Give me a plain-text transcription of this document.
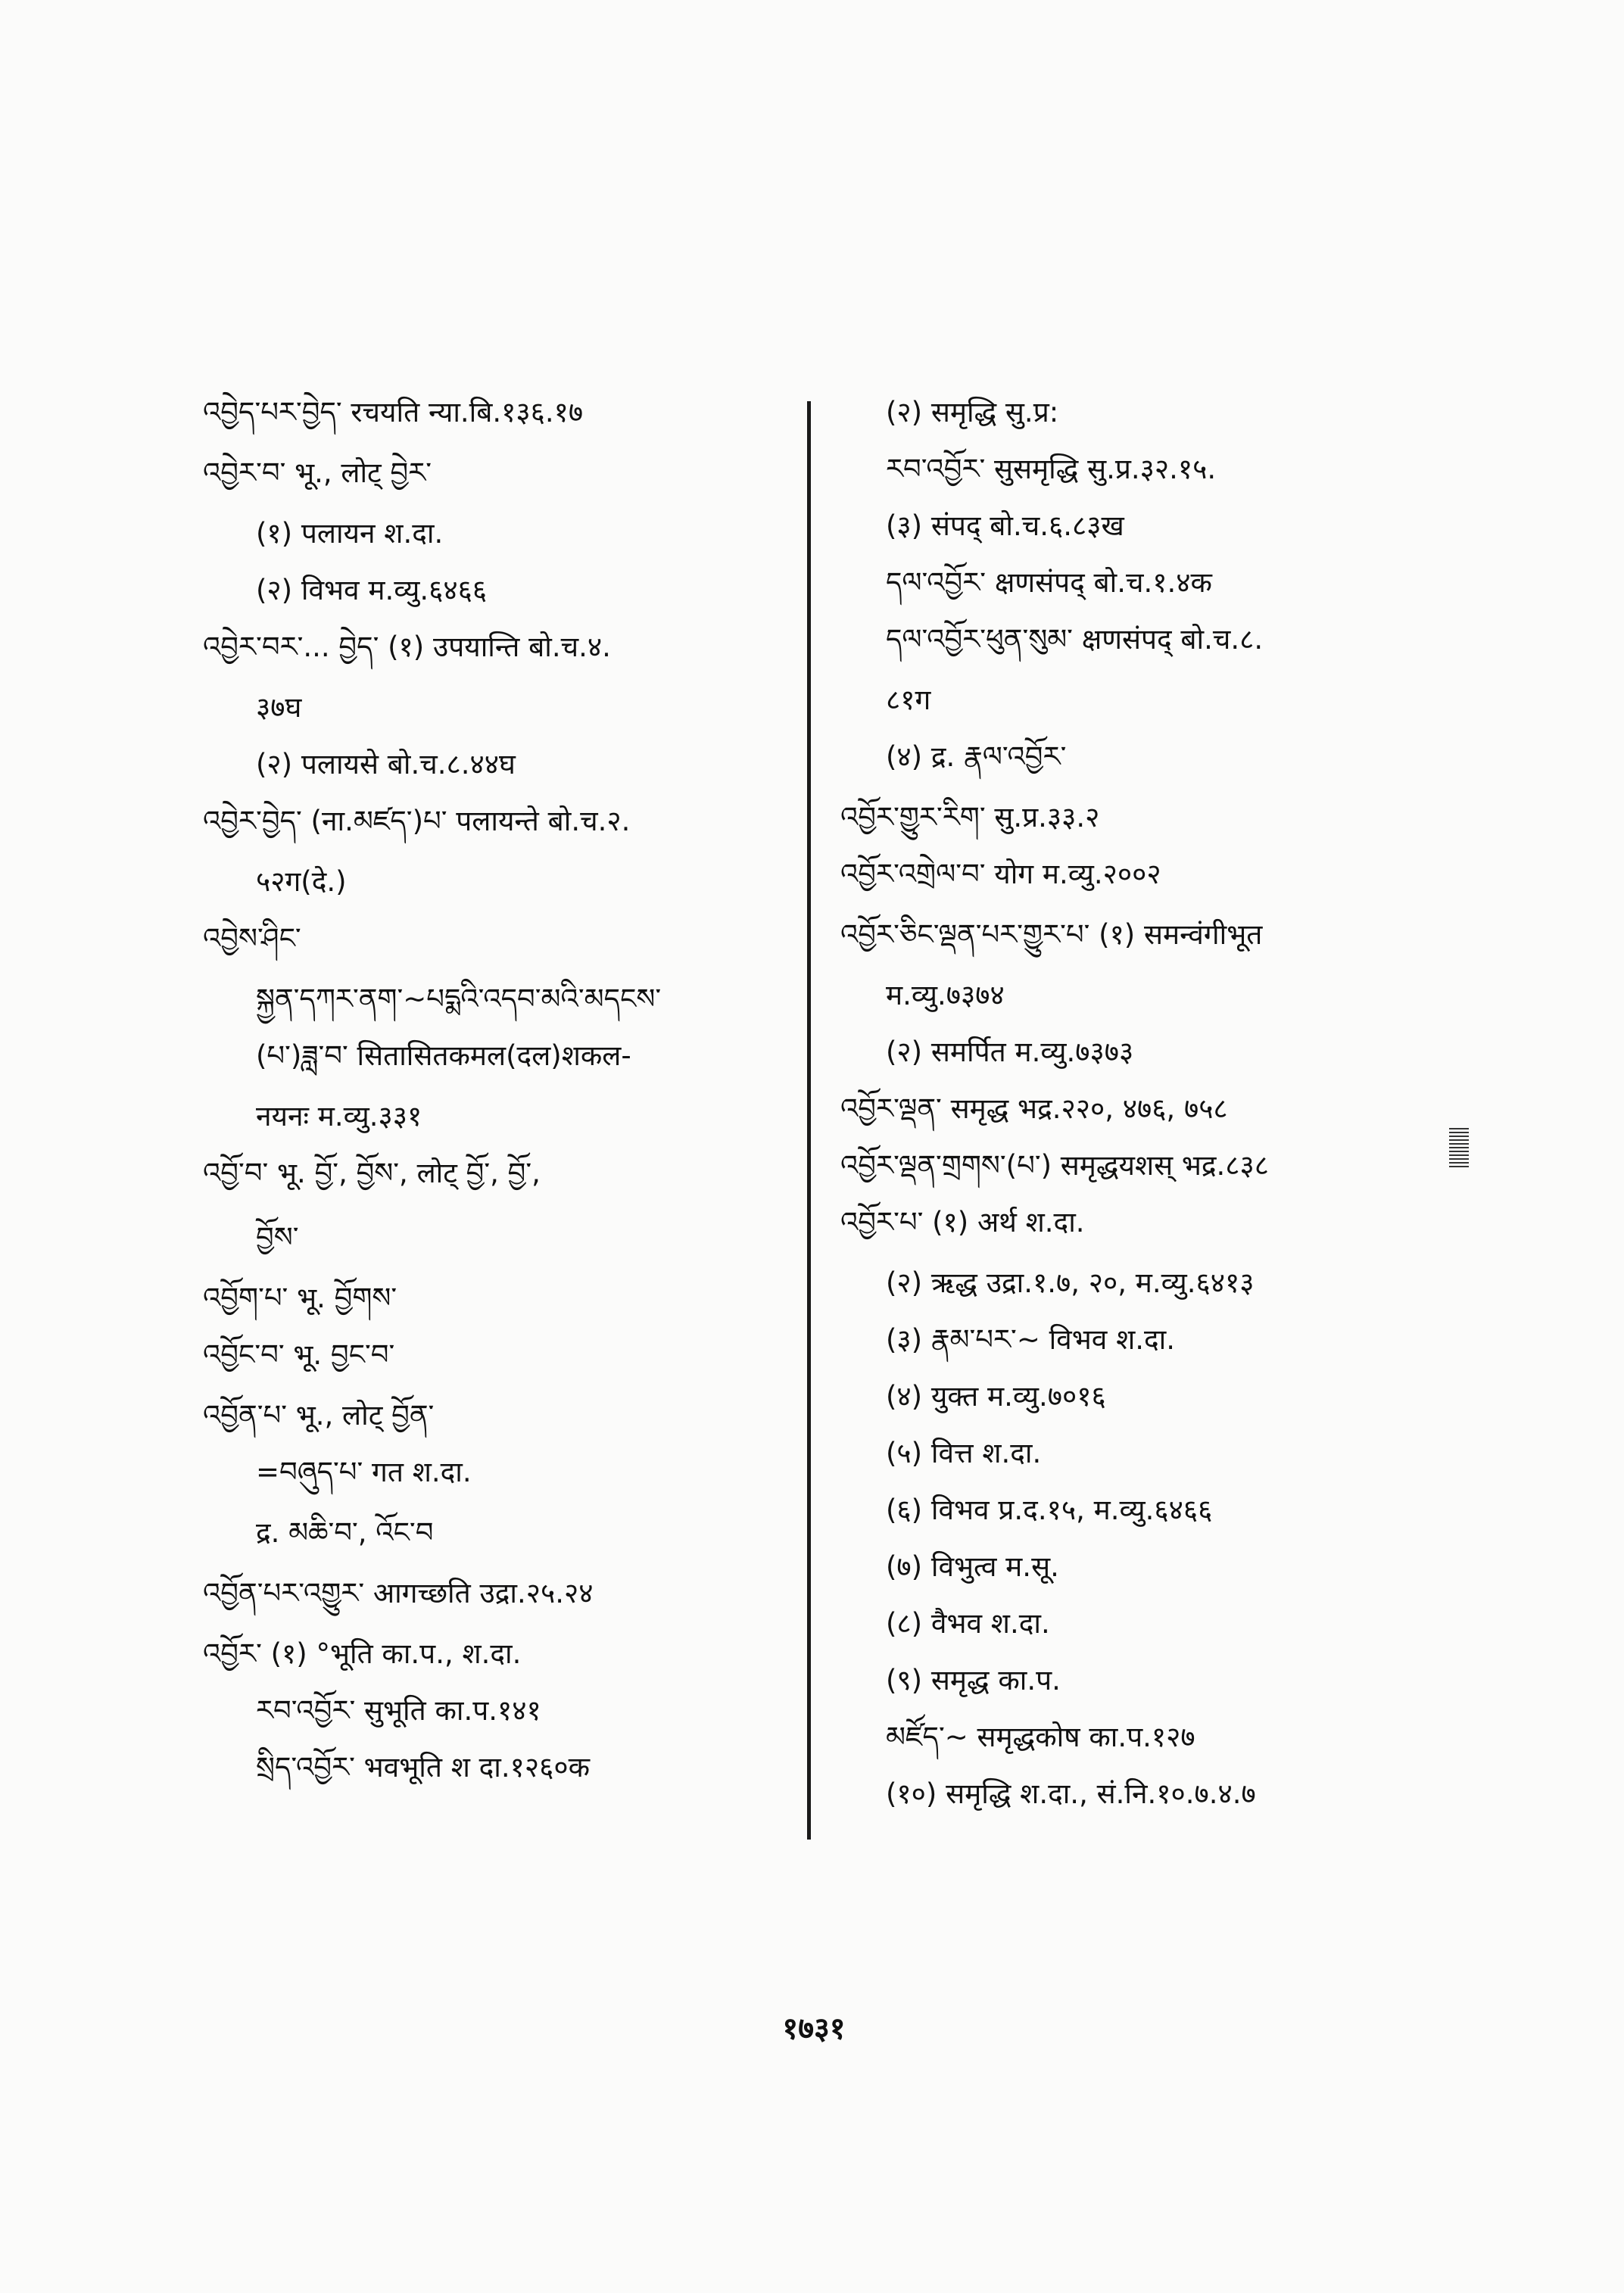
འབྱེད་པར་བྱེད་ रचयति न्या.बि.१३६.१७
འབྱེར་བ་ भू., लोट् བྱེར་
(१) पलायन श.दा.
(२) विभव म.व्यु.६४६६
འབྱེར་བར་... བྱེད་ (१) उपयान्ति बो.च.४.
३७घ
(२) पलायसे बो.च.८.४४घ
འབྱེར་བྱེད་ (ना.མཛད་)པ་ पलायन्ते बो.च.२.
५२ग(दे.)
འབྱེས་ཤིང་
སྐྱན་དཀར་ནག་~པདྨའི་འདབ་མའི་མདངས་
(པ་)ཟླ་བ་ सितासितकमल(दल)शकल-
नयनः म.व्यु.३३१
འབྱོ་བ་ भू. བྱོ་, བྱོས་, लोट् བྱོ་, བྱོ་,
བྱོས་
འབྱོག་པ་ भू. བྱོགས་
འབྱོང་བ་ भू. བྱང་བ་
འབྱོན་པ་ भू., लोट् བྱོན་
=བཞུད་པ་ गत श.दा.
द्र. མཆི་བ་, འོང་བ
འབྱོན་པར་འགྱུར་ आगच्छति उद्रा.२५.२४
འབྱོར་ (१) °भूति का.प., श.दा.
རབ་འབྱོར་ सुभूति का.प.१४१
སྲིད་འབྱོར་ भवभूति श दा.१२६०क
(२) समृद्धि सु.प्र:
རབ་འབྱོར་ सुसमृद्धि सु.प्र.३२.१५.
(३) संपद् बो.च.६.८३ख
དལ་འབྱོར་ क्षणसंपद् बो.च.१.४क
དལ་འབྱོར་ཕུན་སུམ་ क्षणसंपद् बो.च.८.
८१ग
(४) द्र. རྣལ་འབྱོར་
འབྱོར་གྱུར་རིག་ सु.प्र.३३.२
འབྱོར་འགྲེལ་བ་ योग म.व्यु.२००२
འབྱོར་ཅིང་ལྡན་པར་གྱུར་པ་ (१) समन्वंगीभूत
म.व्यु.७३७४
(२) समर्पित म.व्यु.७३७३
འབྱོར་ལྡན་ समृद्ध भद्र.२२०, ४७६, ७५८
འབྱོར་ལྡན་གྲགས་(པ་) समृद्धयशस् भद्र.८३८
འབྱོར་པ་ (१) अर्थ श.दा.
(२) ऋद्ध उद्रा.१.७, २०, म.व्यु.६४१३
(३) རྣམ་པར་~ विभव श.दा.
(४) युक्त म.व्यु.७०१६
(५) वित्त श.दा.
(६) विभव प्र.द.१५, म.व्यु.६४६६
(७) विभुत्व म.सू.
(८) वैभव श.दा.
(९) समृद्ध का.प.
མཛོད་~ समृद्धकोष का.प.१२७
(१०) समृद्धि श.दा., सं.नि.१०.७.४.७
१७३१
